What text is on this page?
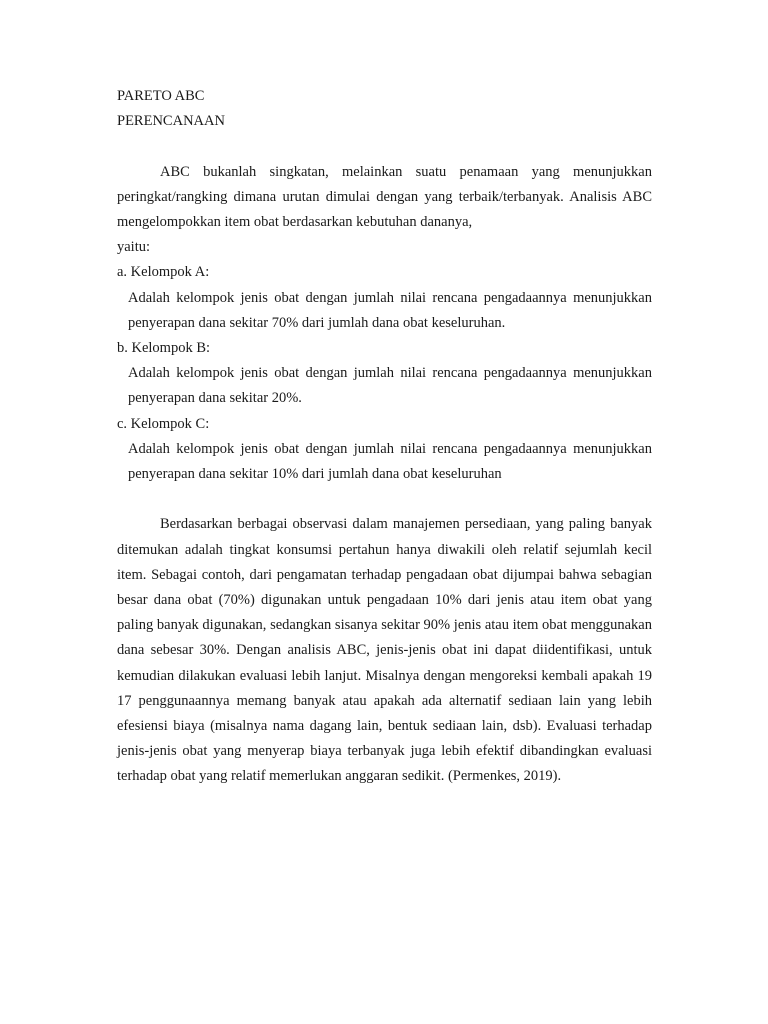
PARETO ABC
PERENCANAAN

ABC bukanlah singkatan, melainkan suatu penamaan yang menunjukkan peringkat/rangking dimana urutan dimulai dengan yang terbaik/terbanyak. Analisis ABC mengelompokkan item obat berdasarkan kebutuhan dananya,

yaitu:
a. Kelompok A:

Adalah kelompok jenis obat dengan jumlah nilai rencana pengadaannya menunjukkan penyerapan dana sekitar 70% dari jumlah dana obat keseluruhan.

b. Kelompok B:

Adalah kelompok jenis obat dengan jumlah nilai rencana pengadaannya menunjukkan penyerapan dana sekitar 20%.

c. Kelompok C:

Adalah kelompok jenis obat dengan jumlah nilai rencana pengadaannya menunjukkan penyerapan dana sekitar 10% dari jumlah dana obat keseluruhan

Berdasarkan berbagai observasi dalam manajemen persediaan, yang paling banyak ditemukan adalah tingkat konsumsi pertahun hanya diwakili oleh relatif sejumlah kecil item. Sebagai contoh, dari pengamatan terhadap pengadaan obat dijumpai bahwa sebagian besar dana obat (70%) digunakan untuk pengadaan 10% dari jenis atau item obat yang paling banyak digunakan, sedangkan sisanya sekitar 90% jenis atau item obat menggunakan dana sebesar 30%. Dengan analisis ABC, jenis-jenis obat ini dapat diidentifikasi, untuk kemudian dilakukan evaluasi lebih lanjut. Misalnya dengan mengoreksi kembali apakah 19 17 penggunaannya memang banyak atau apakah ada alternatif sediaan lain yang lebih efesiensi biaya (misalnya nama dagang lain, bentuk sediaan lain, dsb). Evaluasi terhadap jenis-jenis obat yang menyerap biaya terbanyak juga lebih efektif dibandingkan evaluasi terhadap obat yang relatif memerlukan anggaran sedikit. (Permenkes, 2019).
